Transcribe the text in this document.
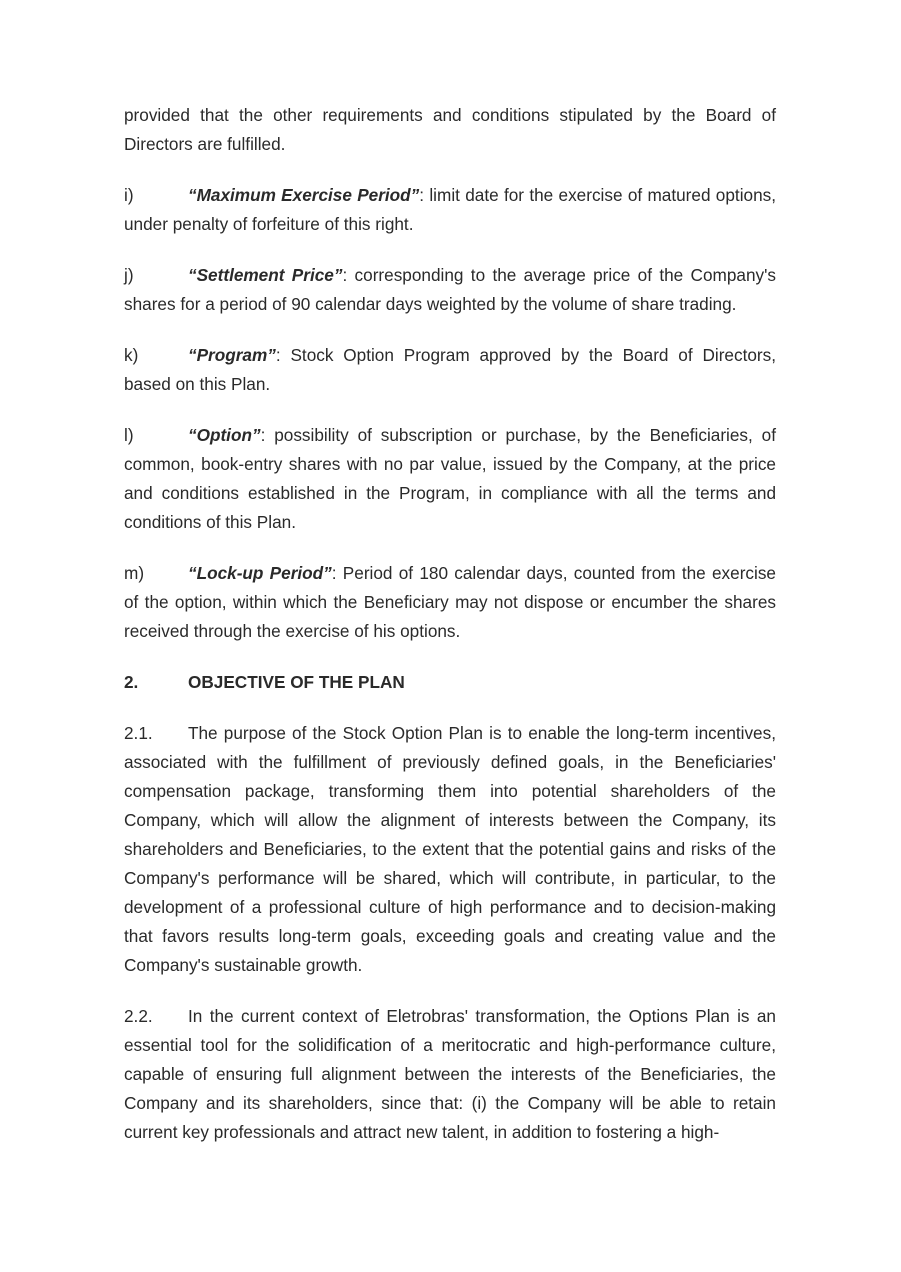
provided that the other requirements and conditions stipulated by the Board of Directors are fulfilled.

i)	“Maximum Exercise Period”: limit date for the exercise of matured options, under penalty of forfeiture of this right.

j)	“Settlement Price”: corresponding to the average price of the Company's shares for a period of 90 calendar days weighted by the volume of share trading.

k)	“Program”: Stock Option Program approved by the Board of Directors, based on this Plan.

l)	“Option”: possibility of subscription or purchase, by the Beneficiaries, of common, book-entry shares with no par value, issued by the Company, at the price and conditions established in the Program, in compliance with all the terms and conditions of this Plan.

m)	“Lock-up Period”: Period of 180 calendar days, counted from the exercise of the option, within which the Beneficiary may not dispose or encumber the shares received through the exercise of his options.

2.	OBJECTIVE OF THE PLAN

2.1. The purpose of the Stock Option Plan is to enable the long-term incentives, associated with the fulfillment of previously defined goals, in the Beneficiaries' compensation package, transforming them into potential shareholders of the Company, which will allow the alignment of interests between the Company, its shareholders and Beneficiaries, to the extent that the potential gains and risks of the Company's performance will be shared, which will contribute, in particular, to the development of a professional culture of high performance and to decision-making that favors results long-term goals, exceeding goals and creating value and the Company's sustainable growth.

2.2. In the current context of Eletrobras' transformation, the Options Plan is an essential tool for the solidification of a meritocratic and high-performance culture, capable of ensuring full alignment between the interests of the Beneficiaries, the Company and its shareholders, since that: (i) the Company will be able to retain current key professionals and attract new talent, in addition to fostering a high-
